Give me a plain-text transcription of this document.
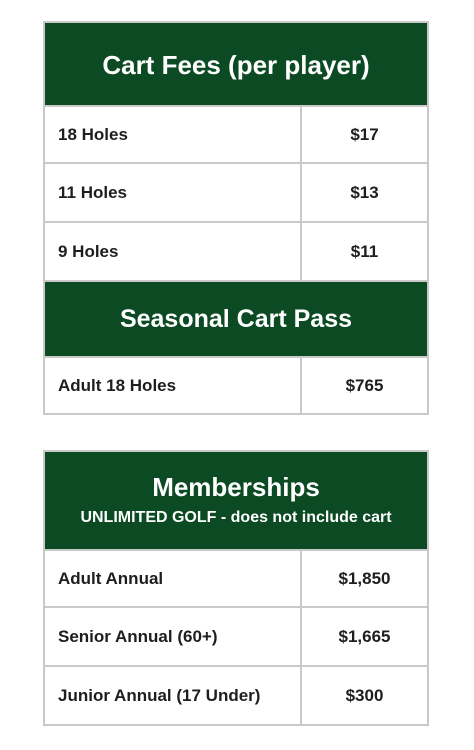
Cart Fees (per player)
18 Holes	$17
11 Holes	$13
9 Holes	$11
Seasonal Cart Pass
Adult 18 Holes	$765
Memberships
UNLIMITED GOLF - does not include cart
Adult Annual	$1,850
Senior Annual (60+)	$1,665
Junior Annual (17 Under)	$300
